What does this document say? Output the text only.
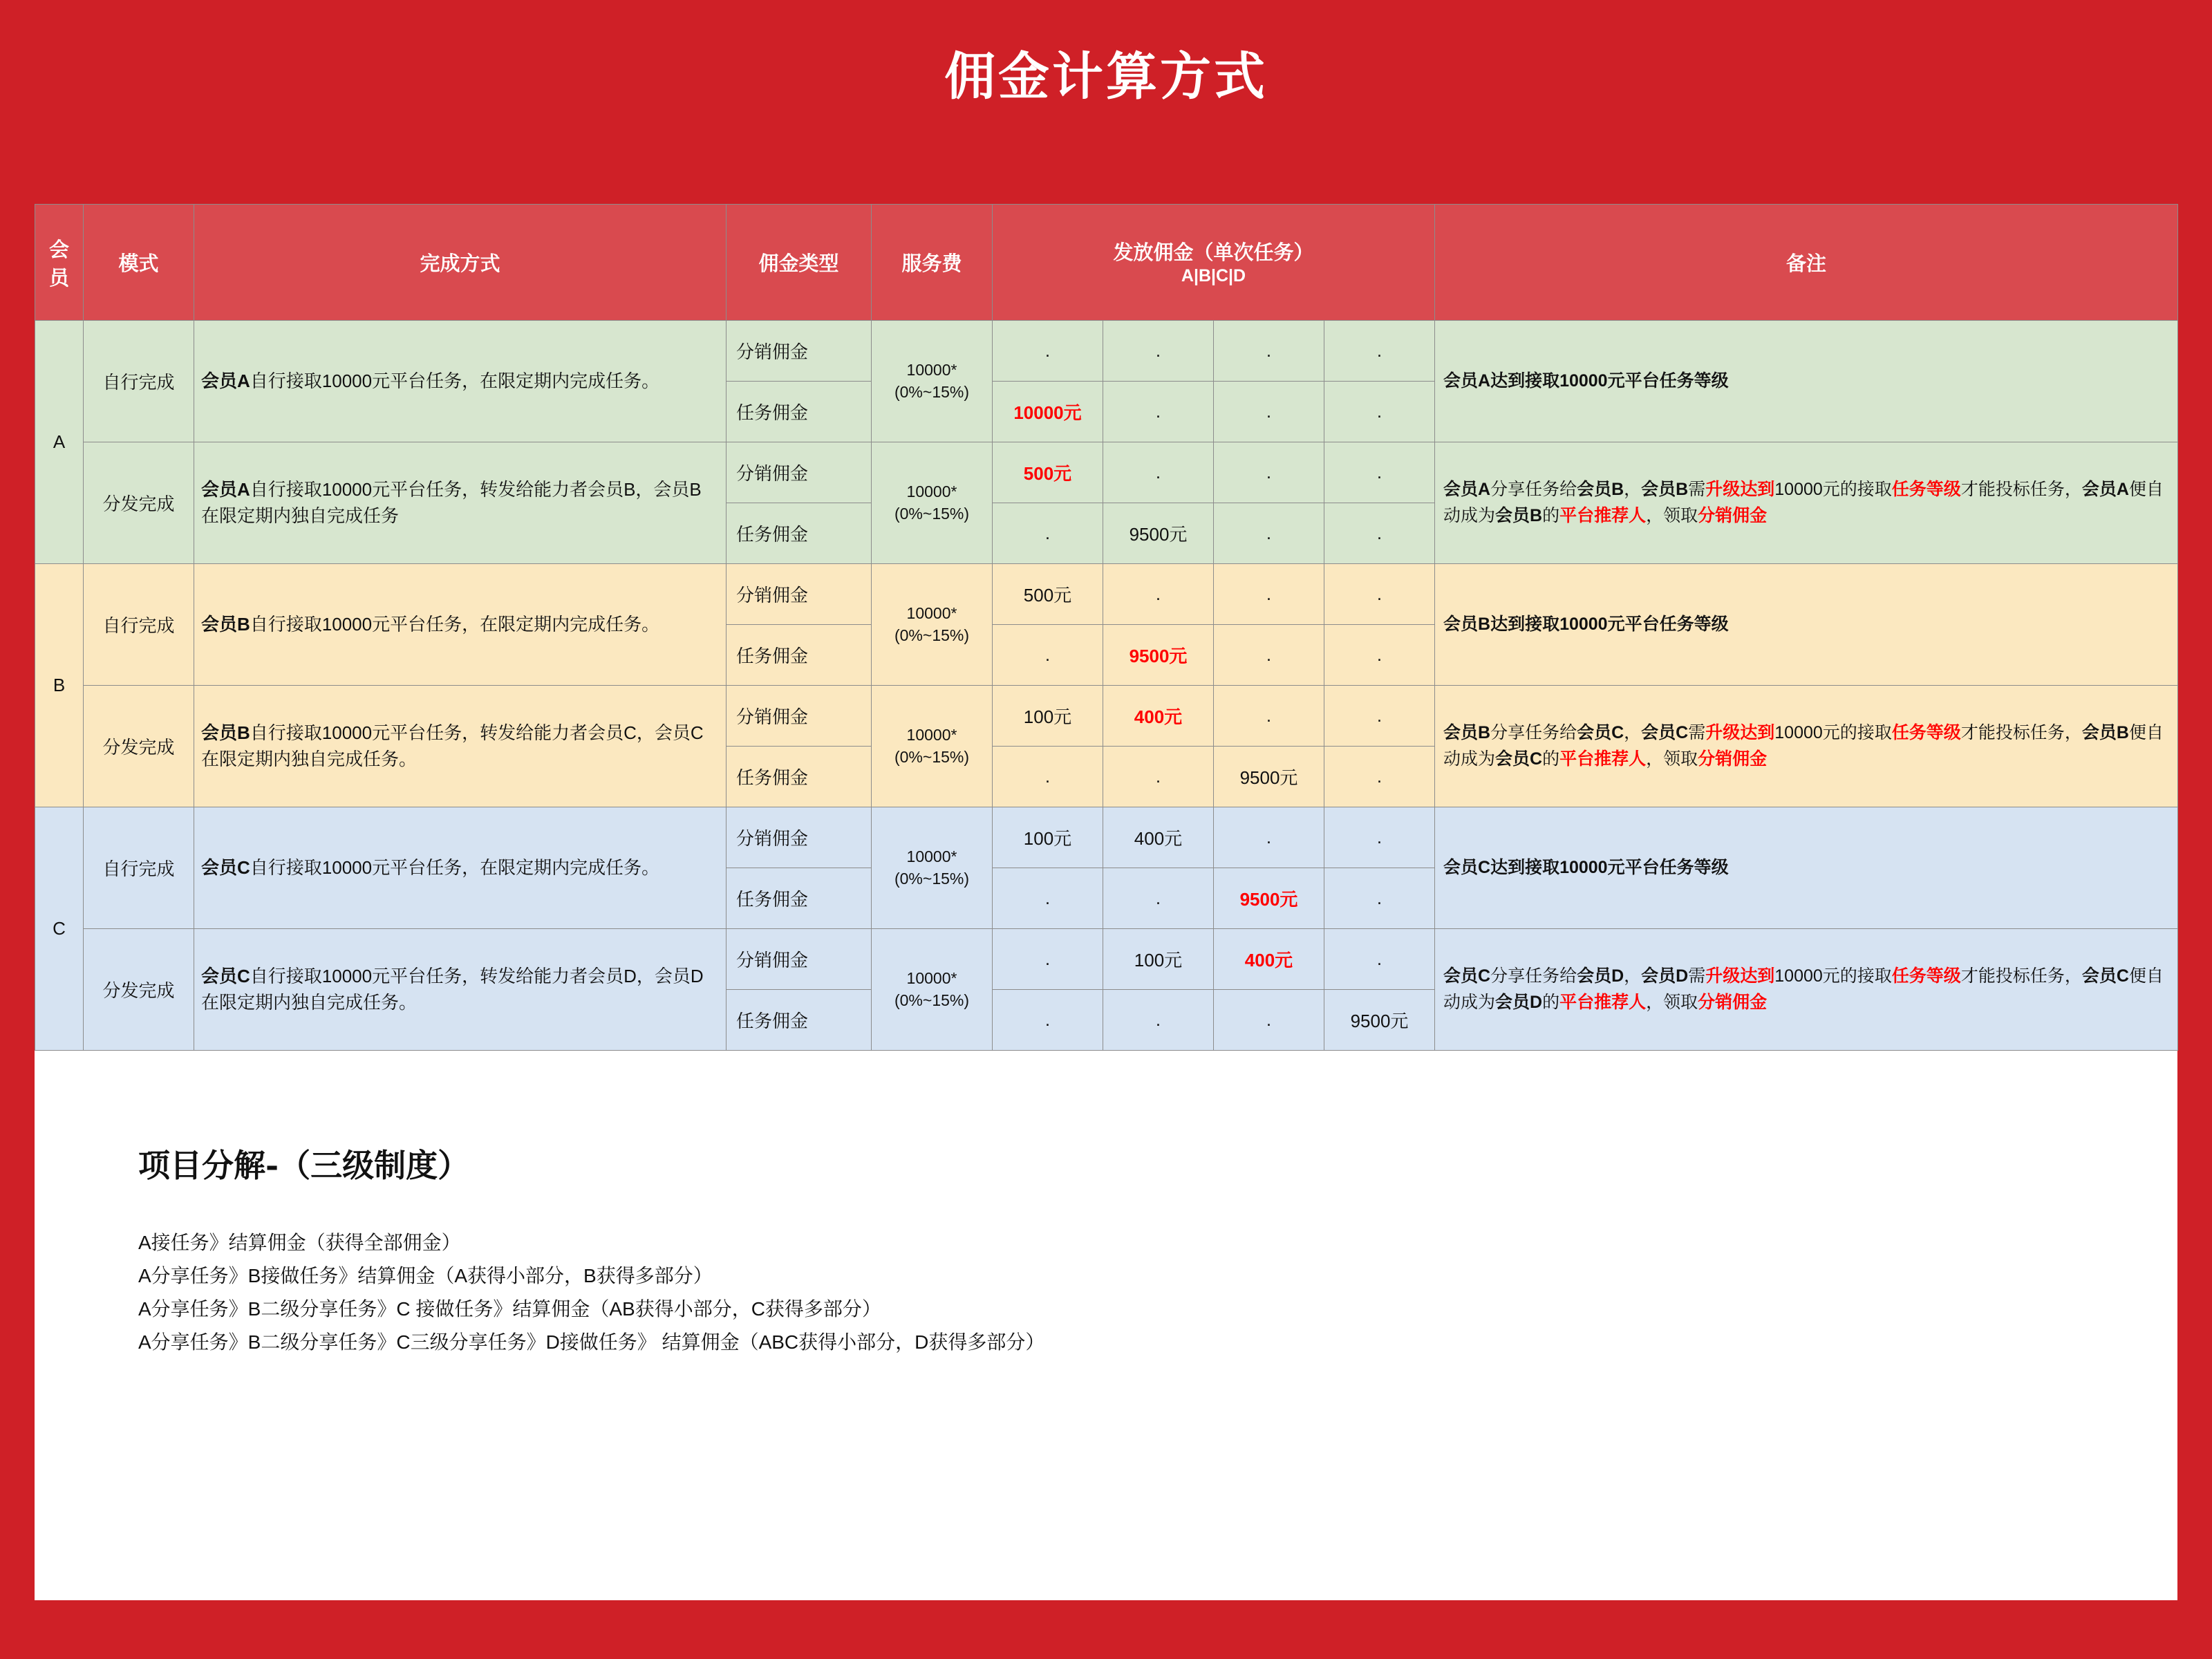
佣金计算方式
会员	模式	完成方式	佣金类型	服务费	发放佣金（单次任务）
A|B|C|D				备注
A	自行完成	会员A自行接取10000元平台任务，在限定期内完成任务。	分销佣金	10000*
(0%~15%)	.	.	.	.	会员A达到接取10000元平台任务等级
			任务佣金		10000元	.	.	.	
	分发完成	会员A自行接取10000元平台任务，转发给能力者会员B，会员B在限定期内独自完成任务	分销佣金	10000*
(0%~15%)	500元	.	.	.	会员A分享任务给会员B，会员B需升级达到10000元的接取任务等级才能投标任务，会员A便自动成为会员B的平台推荐人，领取分销佣金
			任务佣金		.	9500元	.	.	
B	自行完成	会员B自行接取10000元平台任务，在限定期内完成任务。	分销佣金	10000*
(0%~15%)	500元	.	.	.	会员B达到接取10000元平台任务等级
			任务佣金		.	9500元	.	.	
	分发完成	会员B自行接取10000元平台任务，转发给能力者会员C，会员C在限定期内独自完成任务。	分销佣金	10000*
(0%~15%)	100元	400元	.	.	会员B分享任务给会员C，会员C需升级达到10000元的接取任务等级才能投标任务，会员B便自动成为会员C的平台推荐人，领取分销佣金
			任务佣金		.	.	9500元	.	
C	自行完成	会员C自行接取10000元平台任务，在限定期内完成任务。	分销佣金	10000*
(0%~15%)	100元	400元	.	.	会员C达到接取10000元平台任务等级
			任务佣金		.	.	9500元	.	
	分发完成	会员C自行接取10000元平台任务，转发给能力者会员D，会员D在限定期内独自完成任务。	分销佣金	10000*
(0%~15%)	.	100元	400元	.	会员C分享任务给会员D，会员D需升级达到10000元的接取任务等级才能投标任务，会员C便自动成为会员D的平台推荐人，领取分销佣金
			任务佣金		.	.	.	9500元	
项目分解-（三级制度）
A接任务》结算佣金（获得全部佣金）
A分享任务》B接做任务》结算佣金（A获得小部分，B获得多部分）
A分享任务》B二级分享任务》C 接做任务》结算佣金（AB获得小部分，C获得多部分）
A分享任务》B二级分享任务》C三级分享任务》D接做任务》 结算佣金（ABC获得小部分，D获得多部分）
